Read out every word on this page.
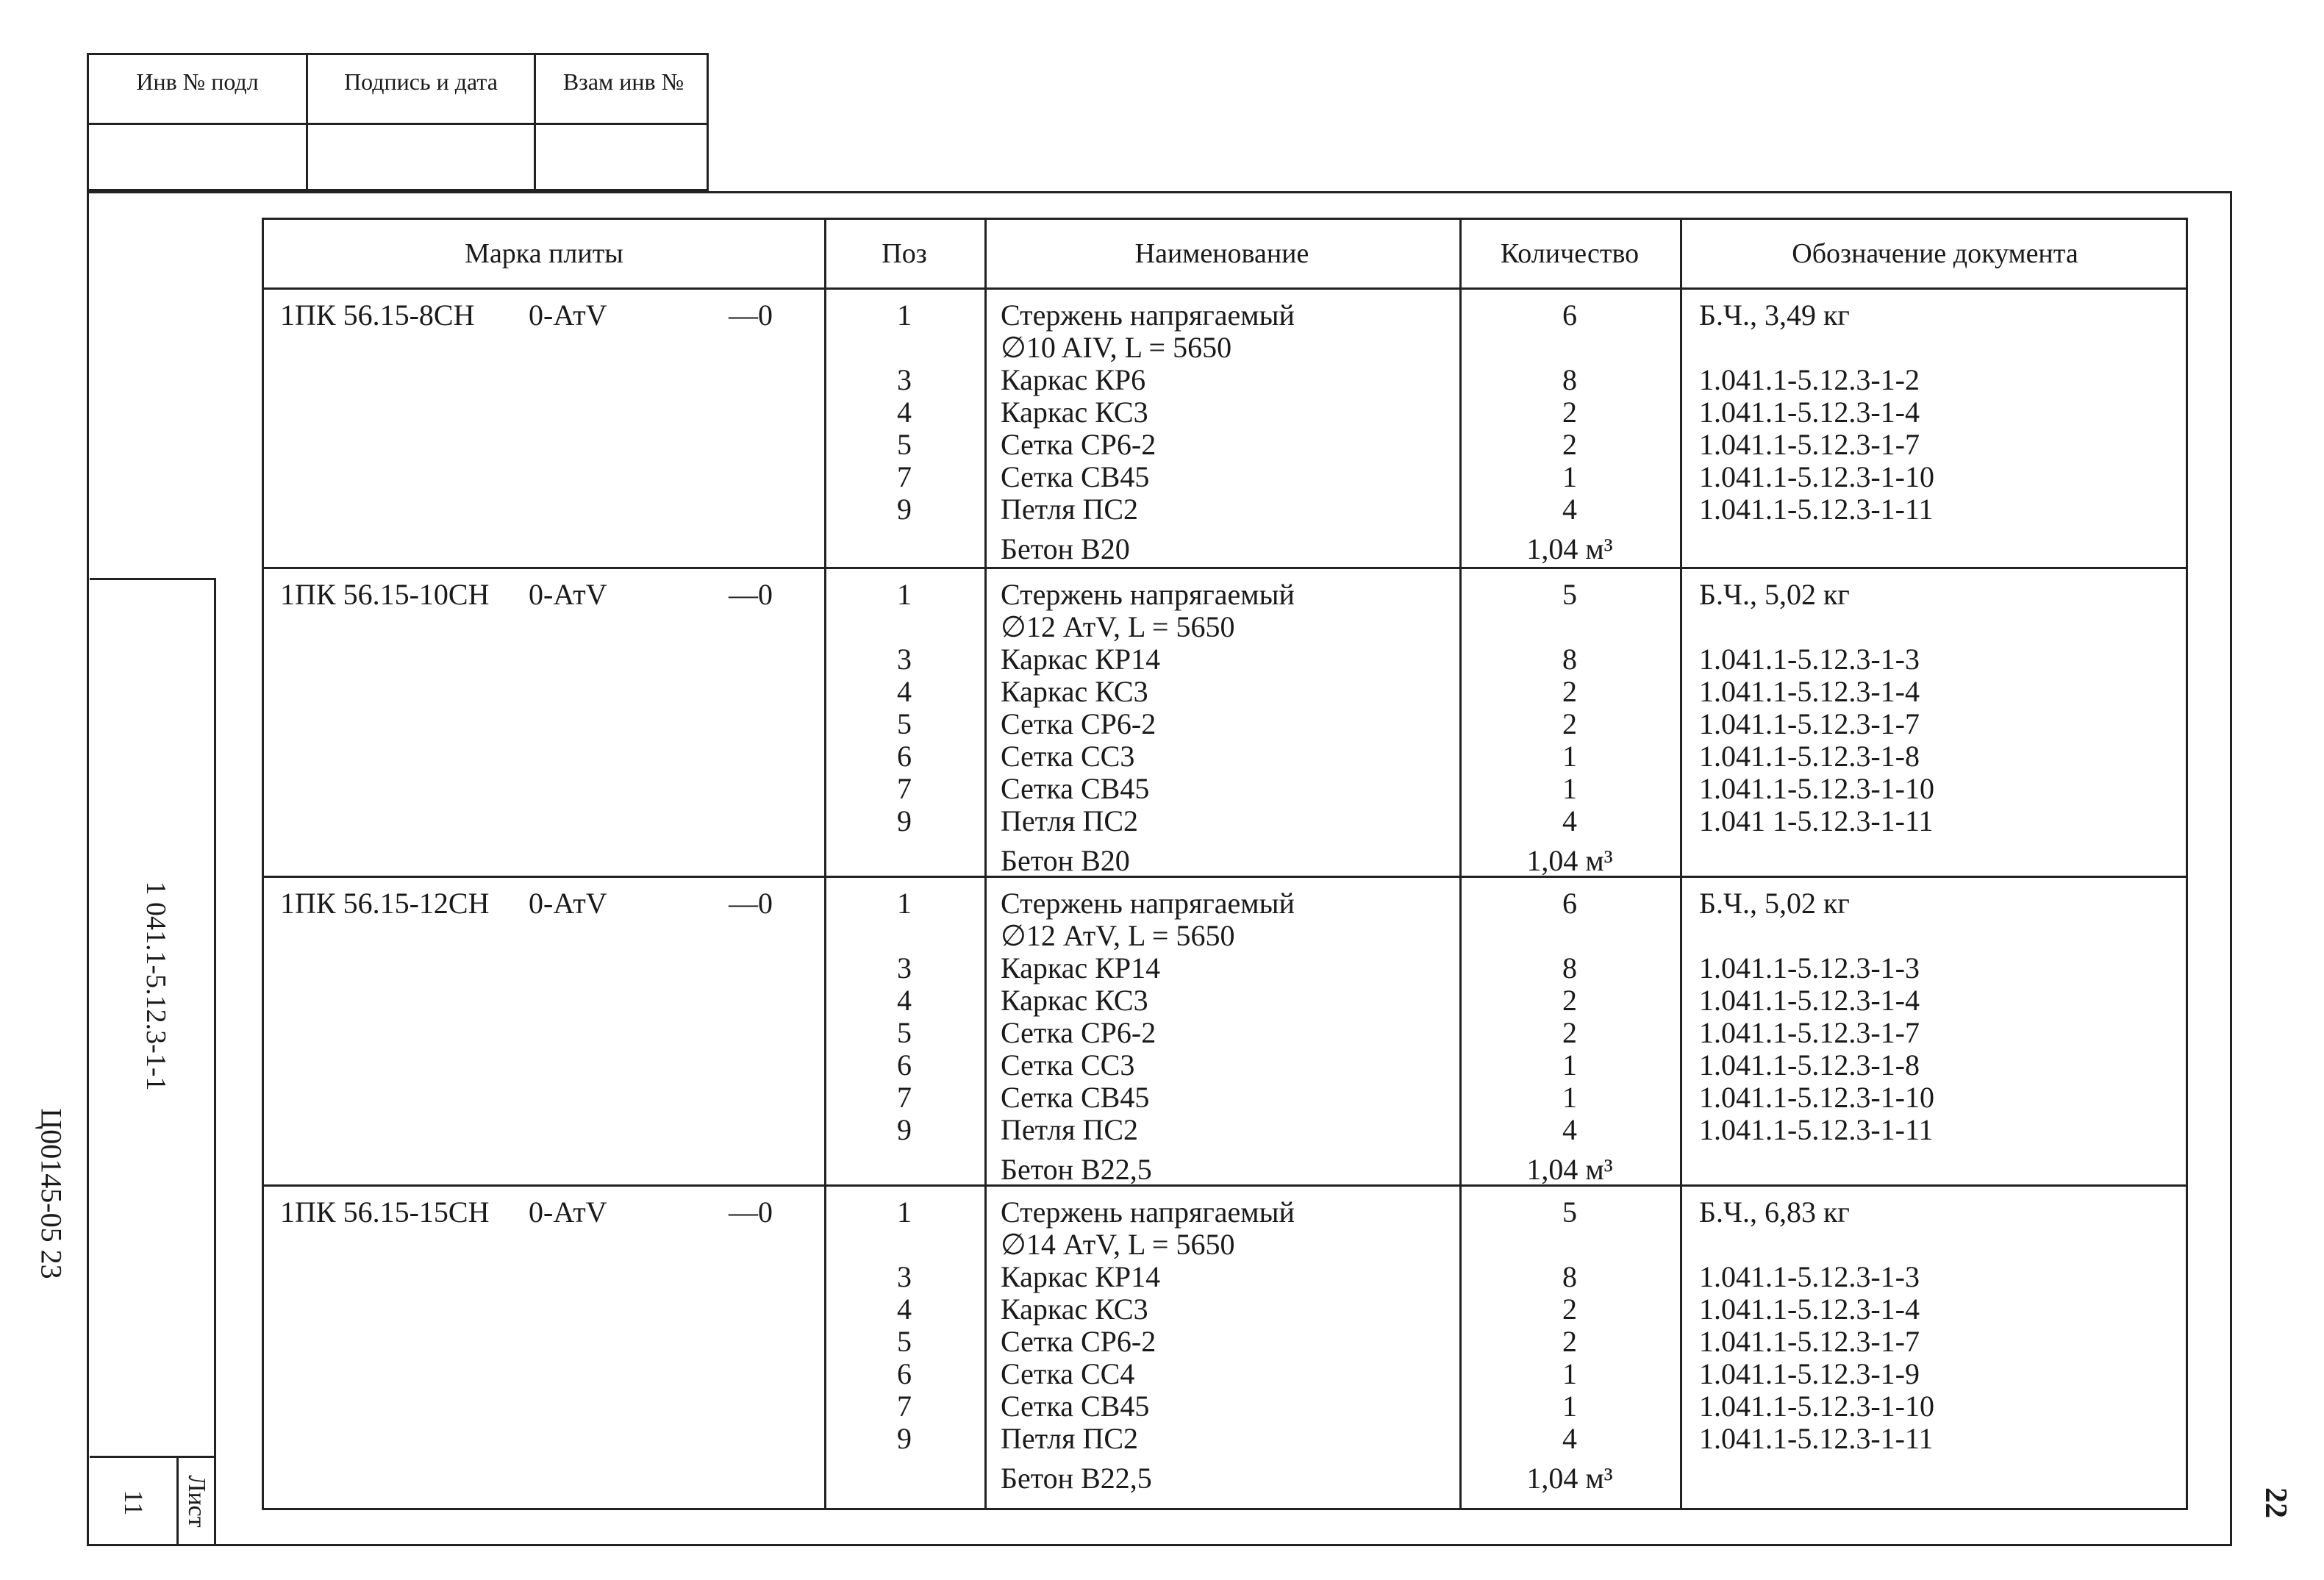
Инв № подл	Подпись и дата	Взам инв №
1 041.1-5.12.3-1-1
11 Лист
Ц00145-05 23
22
Марка плиты	Поз	Наименование	Количество	Обозначение документа
1ПК 56.15-8СН 0-АтV	—0	1	Стержень напрягаемый	6	Б.Ч., 3,49 кг
∅10 AIV, L = 5650
3	Каркас КР6	8	1.041.1-5.12.3-1-2
4	Каркас КС3	2	1.041.1-5.12.3-1-4
5	Сетка СР6-2	2	1.041.1-5.12.3-1-7
7	Сетка СВ45	1	1.041.1-5.12.3-1-10
9	Петля ПС2	4	1.041.1-5.12.3-1-11
Бетон В20	1,04 м³
1ПК 56.15-10СН 0-АтV	—0	1	Стержень напрягаемый	5	Б.Ч., 5,02 кг
∅12 АтV, L = 5650
3	Каркас КР14	8	1.041.1-5.12.3-1-3
4	Каркас КС3	2	1.041.1-5.12.3-1-4
5	Сетка СР6-2	2	1.041.1-5.12.3-1-7
6	Сетка СС3	1	1.041.1-5.12.3-1-8
7	Сетка СВ45	1	1.041.1-5.12.3-1-10
9	Петля ПС2	4	1.041 1-5.12.3-1-11
Бетон В20	1,04 м³
1ПК 56.15-12СН 0-АтV	—0	1	Стержень напрягаемый	6	Б.Ч., 5,02 кг
∅12 АтV, L = 5650
3	Каркас КР14	8	1.041.1-5.12.3-1-3
4	Каркас КС3	2	1.041.1-5.12.3-1-4
5	Сетка СР6-2	2	1.041.1-5.12.3-1-7
6	Сетка СС3	1	1.041.1-5.12.3-1-8
7	Сетка СВ45	1	1.041.1-5.12.3-1-10
9	Петля ПС2	4	1.041.1-5.12.3-1-11
Бетон В22,5	1,04 м³
1ПК 56.15-15СН 0-АтV	—0	1	Стержень напрягаемый	5	Б.Ч., 6,83 кг
∅14 АтV, L = 5650
3	Каркас КР14	8	1.041.1-5.12.3-1-3
4	Каркас КС3	2	1.041.1-5.12.3-1-4
5	Сетка СР6-2	2	1.041.1-5.12.3-1-7
6	Сетка СС4	1	1.041.1-5.12.3-1-9
7	Сетка СВ45	1	1.041.1-5.12.3-1-10
9	Петля ПС2	4	1.041.1-5.12.3-1-11
Бетон В22,5	1,04 м³
